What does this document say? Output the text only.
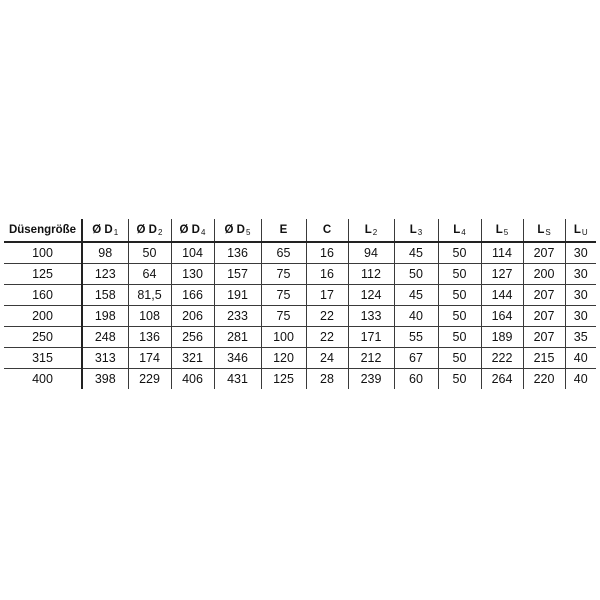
Düsengröße	Ø $D_1$	Ø $D_2$	Ø $D_4$	Ø $D_5$	E	C	$L_2$	$L_3$	$L_4$	$L_5$	$L_S$	$L_U$
100	98	50	104	136	65	16	94	45	50	114	207	30
125	123	64	130	157	75	16	112	50	50	127	200	30
160	158	81,5	166	191	75	17	124	45	50	144	207	30
200	198	108	206	233	75	22	133	40	50	164	207	30
250	248	136	256	281	100	22	171	55	50	189	207	35
315	313	174	321	346	120	24	212	67	50	222	215	40
400	398	229	406	431	125	28	239	60	50	264	220	40
